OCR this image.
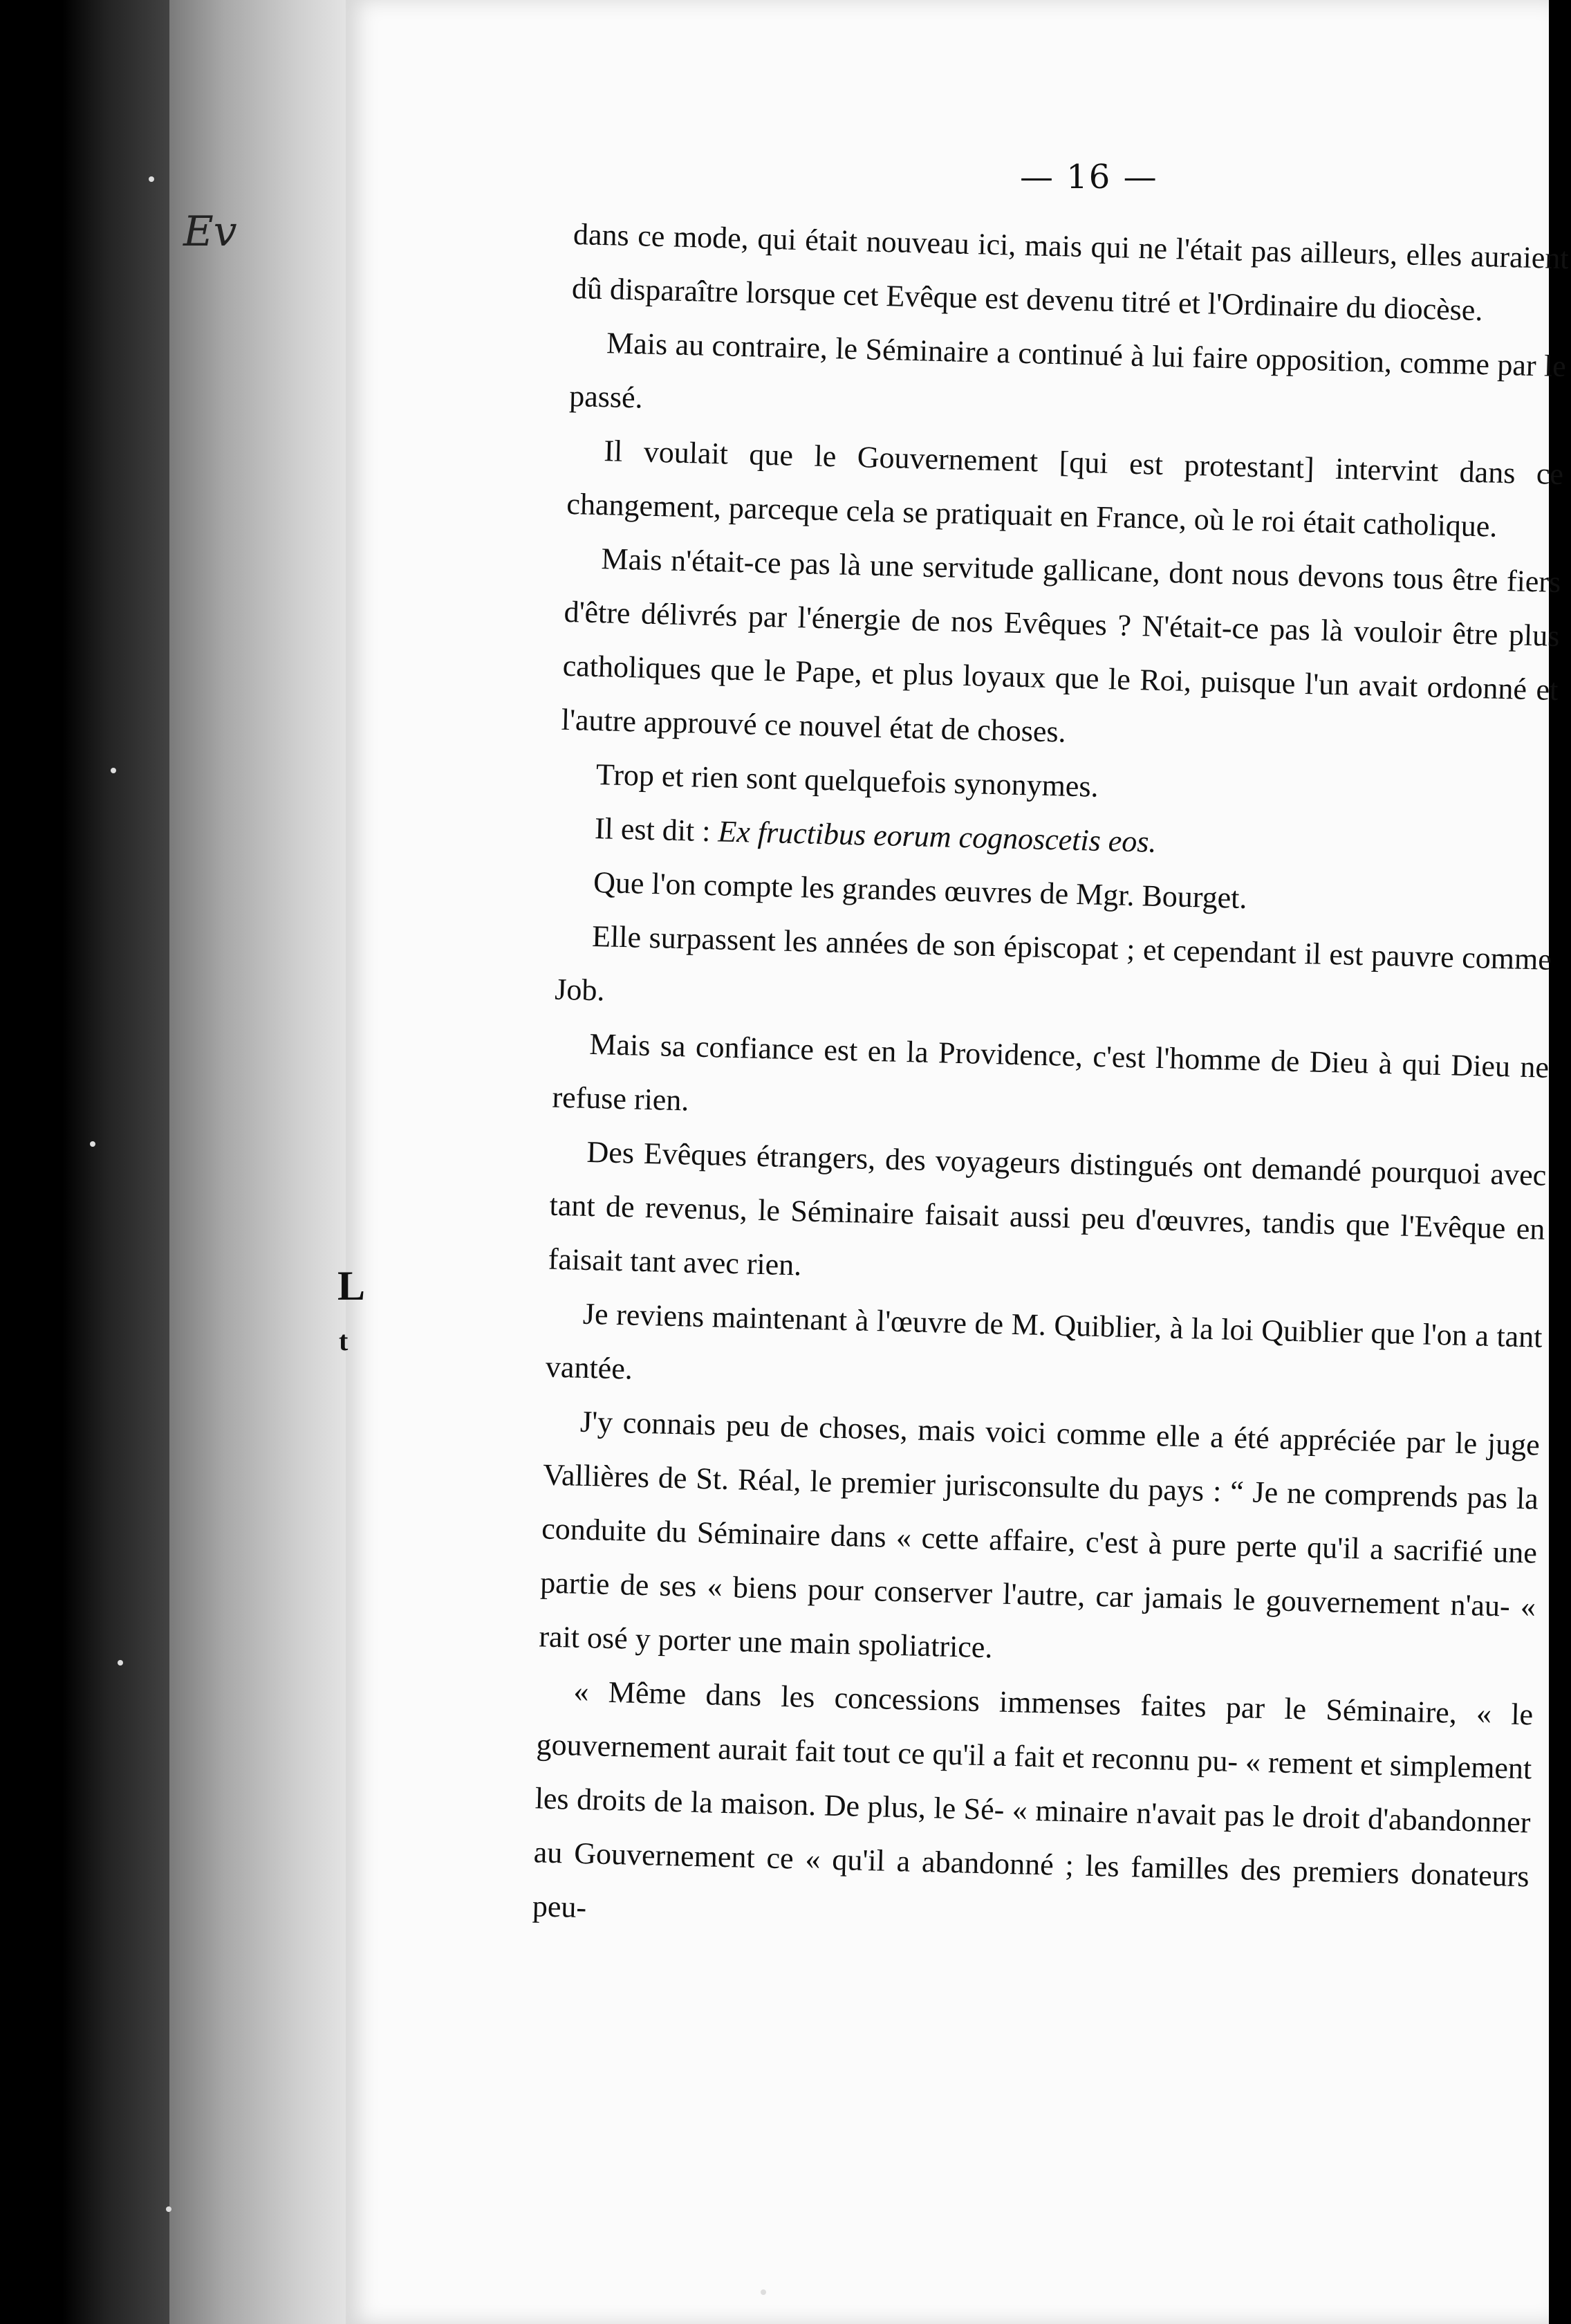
Ev
L
t
— 16 —

dans ce mode, qui était nouveau ici, mais qui ne l'était pas ailleurs, elles auraient dû disparaître lorsque cet Evêque est devenu titré et l'Ordinaire du diocèse.

Mais au contraire, le Séminaire a continué à lui faire opposition, comme par le passé.

Il voulait que le Gouvernement [qui est protestant] intervint dans ce changement, parceque cela se pratiquait en France, où le roi était catholique.

Mais n'était-ce pas là une servitude gallicane, dont nous devons tous être fiers d'être délivrés par l'énergie de nos Evêques ? N'était-ce pas là vouloir être plus catholiques que le Pape, et plus loyaux que le Roi, puisque l'un avait ordonné et l'autre approuvé ce nouvel état de choses.

Trop et rien sont quelquefois synonymes.

Il est dit : Ex fructibus eorum cognoscetis eos.

Que l'on compte les grandes œuvres de Mgr. Bourget.

Elle surpassent les années de son épiscopat ; et cependant il est pauvre comme Job.

Mais sa confiance est en la Providence, c'est l'homme de Dieu à qui Dieu ne refuse rien.

Des Evêques étrangers, des voyageurs distingués ont demandé pourquoi avec tant de revenus, le Séminaire faisait aussi peu d'œuvres, tandis que l'Evêque en faisait tant avec rien.

Je reviens maintenant à l'œuvre de M. Quiblier, à la loi Quiblier que l'on a tant vantée.

J'y connais peu de choses, mais voici comme elle a été appréciée par le juge Vallières de St. Réal, le premier jurisconsulte du pays : “ Je ne comprends pas la conduite du Séminaire dans « cette affaire, c'est à pure perte qu'il a sacrifié une partie de ses « biens pour conserver l'autre, car jamais le gouvernement n'au- « rait osé y porter une main spoliatrice.

« Même dans les concessions immenses faites par le Séminaire, « le gouvernement aurait fait tout ce qu'il a fait et reconnu pu- « rement et simplement les droits de la maison. De plus, le Sé- « minaire n'avait pas le droit d'abandonner au Gouvernement ce « qu'il a abandonné ; les familles des premiers donateurs peu-
